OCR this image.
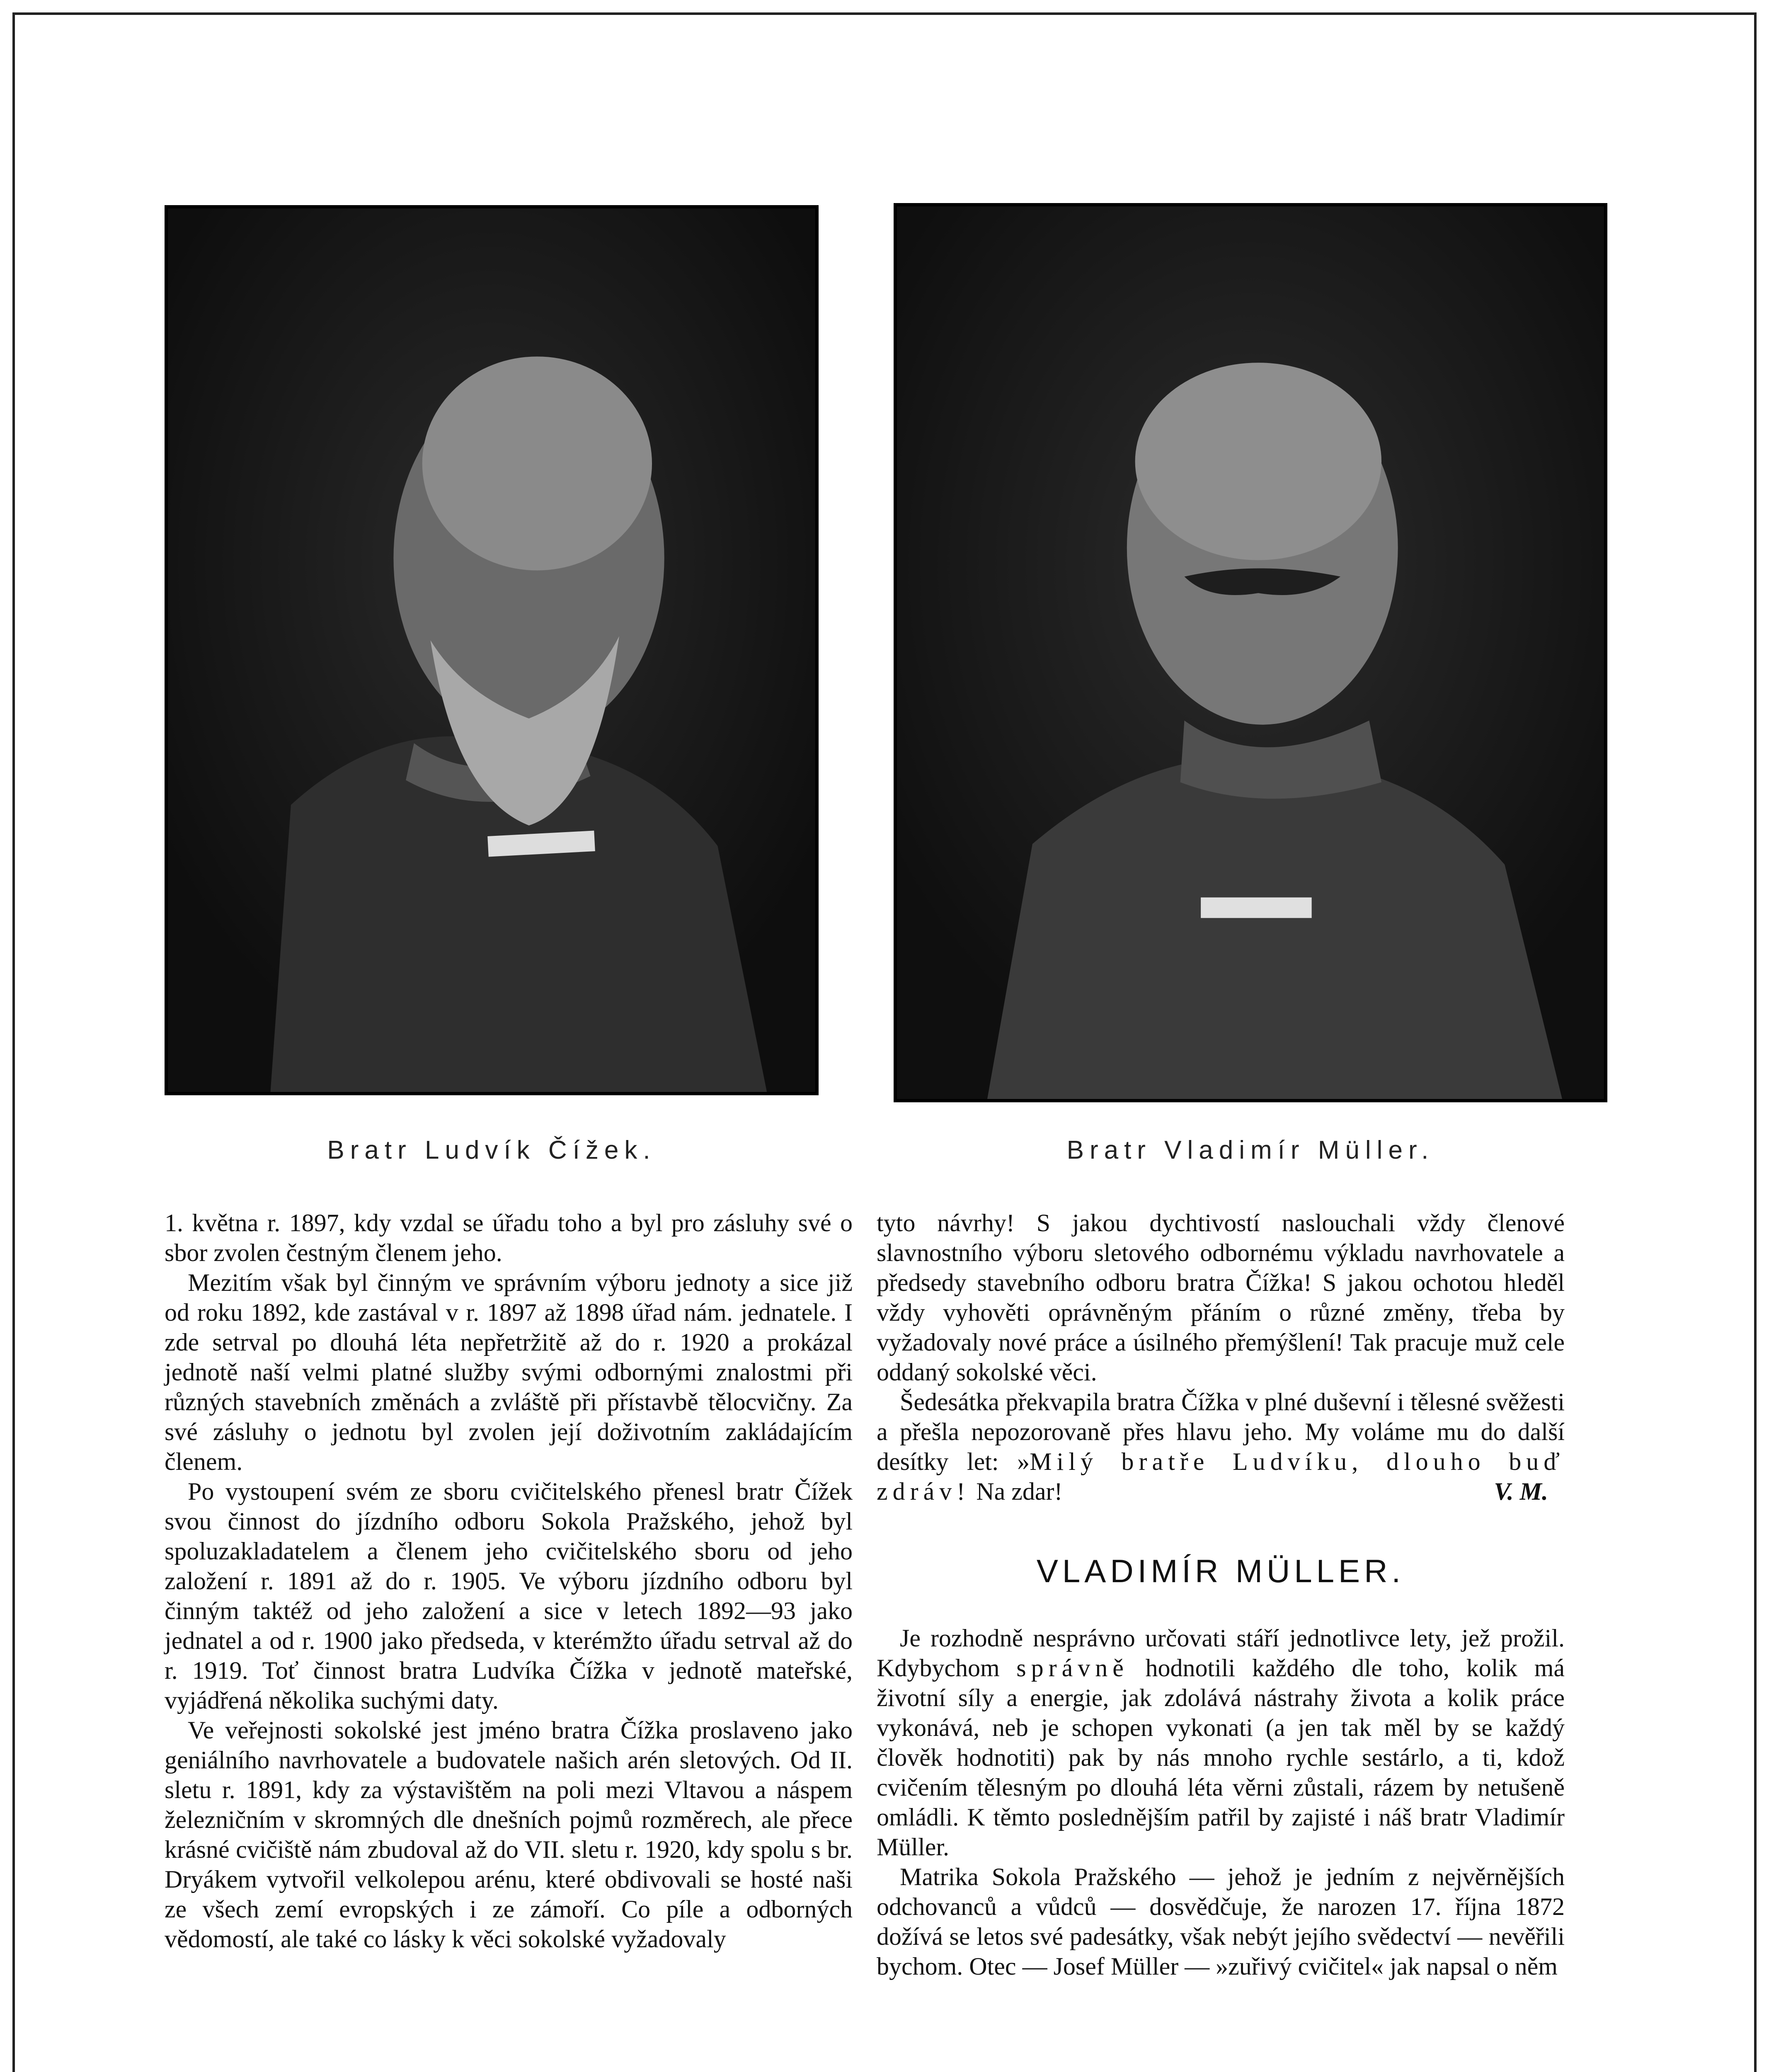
Bratr Ludvík Čížek.	Bratr Vladimír Müller.

1. května r. 1897, kdy vzdal se úřadu toho a byl pro zásluhy své o sbor zvolen čestným členem jeho.

Mezitím však byl činným ve správním výboru jednoty a sice již od roku 1892, kde zastával v r. 1897 až 1898 úřad nám. jednatele. I zde setrval po dlouhá léta nepřetržitě až do r. 1920 a prokázal jednotě naší velmi platné služby svými odbornými znalostmi při různých stavebních změnách a zvláště při přístavbě tělocvičny. Za své zásluhy o jednotu byl zvolen její doživotním zakládajícím členem.

Po vystoupení svém ze sboru cvičitelského přenesl bratr Čížek svou činnost do jízdního odboru Sokola Pražského, jehož byl spoluzakladatelem a členem jeho cvičitelského sboru od jeho založení r. 1891 až do r. 1905. Ve výboru jízdního odboru byl činným taktéž od jeho založení a sice v letech 1892—93 jako jednatel a od r. 1900 jako předseda, v kterémžto úřadu setrval až do r. 1919. Toť činnost bratra Ludvíka Čížka v jednotě mateřské, vyjádřená několika suchými daty.

Ve veřejnosti sokolské jest jméno bratra Čížka proslaveno jako geniálního navrhovatele a budovatele našich arén sletových. Od II. sletu r. 1891, kdy za výstavištěm na poli mezi Vltavou a náspem železničním v skromných dle dnešních pojmů rozměrech, ale přece krásné cvičiště nám zbudoval až do VII. sletu r. 1920, kdy spolu s br. Dryákem vytvořil velkolepou arénu, které obdivovali se hosté naši ze všech zemí evropských i ze zámoří. Co píle a odborných vědomostí, ale také co lásky k věci sokolské vyžadovaly

tyto návrhy! S jakou dychtivostí naslouchali vždy členové slavnostního výboru sletového odbornému výkladu navrhovatele a předsedy stavebního odboru bratra Čížka! S jakou ochotou hleděl vždy vyhověti oprávněným přáním o různé změny, třeba by vyžadovaly nové práce a úsilného přemýšlení! Tak pracuje muž cele oddaný sokolské věci.

Šedesátka překvapila bratra Čížka v plné duševní i tělesné svěžesti a přešla nepozorovaně přes hlavu jeho. My voláme mu do další desítky let: »Milý bratře Ludvíku, dlouho buď zdráv! Na zdar!	V. M.

VLADIMÍR MÜLLER.

Je rozhodně nesprávno určovati stáří jednotlivce lety, jež prožil. Kdybychom správně hodnotili každého dle toho, kolik má životní síly a energie, jak zdolává nástrahy života a kolik práce vykonává, neb je schopen vykonati (a jen tak měl by se každý člověk hodnotiti) pak by nás mnoho rychle sestárlo, a ti, kdož cvičením tělesným po dlouhá léta věrni zůstali, rázem by netušeně omládli. K těmto poslednějším patřil by zajisté i náš bratr Vladimír Müller.

Matrika Sokola Pražského — jehož je jedním z nejvěrnějších odchovanců a vůdců — dosvědčuje, že narozen 17. října 1872 dožívá se letos své padesátky, však nebýt jejího svědectví — nevěřili bychom. Otec — Josef Müller — »zuřivý cvičitel« jak napsal o něm
